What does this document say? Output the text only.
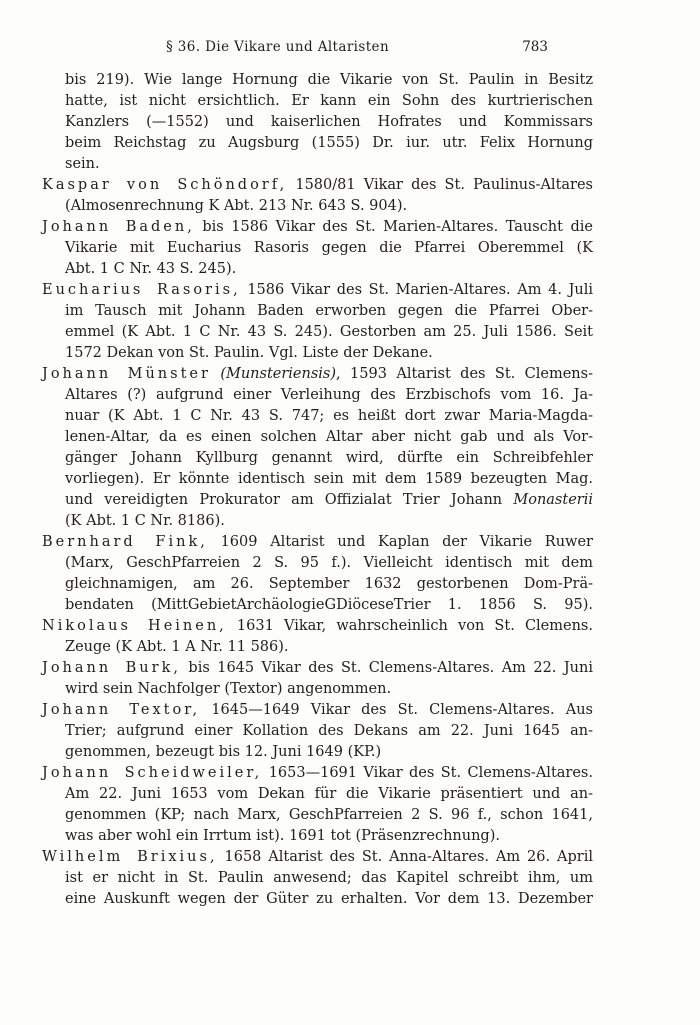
§ 36. Die Vikare und Altaristen	783
bis 219). Wie lange Hornung die Vikarie von St. Paulin in Besitz
hatte, ist nicht ersichtlich. Er kann ein Sohn des kurtrierischen
Kanzlers (—1552) und kaiserlichen Hofrates und Kommissars
beim Reichstag zu Augsburg (1555) Dr. iur. utr. Felix Hornung
sein.
Kaspar von Schöndorf, 1580/81 Vikar des St. Paulinus-Altares
(Almosenrechnung K Abt. 213 Nr. 643 S. 904).
Johann Baden, bis 1586 Vikar des St. Marien-Altares. Tauscht die
Vikarie mit Eucharius Rasoris gegen die Pfarrei Oberemmel (K
Abt. 1 C Nr. 43 S. 245).
Eucharius Rasoris, 1586 Vikar des St. Marien-Altares. Am 4. Juli
im Tausch mit Johann Baden erworben gegen die Pfarrei Ober-
emmel (K Abt. 1 C Nr. 43 S. 245). Gestorben am 25. Juli 1586. Seit
1572 Dekan von St. Paulin. Vgl. Liste der Dekane.
Johann Münster (Munsteriensis), 1593 Altarist des St. Clemens-
Altares (?) aufgrund einer Verleihung des Erzbischofs vom 16. Ja-
nuar (K Abt. 1 C Nr. 43 S. 747; es heißt dort zwar Maria-Magda-
lenen-Altar, da es einen solchen Altar aber nicht gab und als Vor-
gänger Johann Kyllburg genannt wird, dürfte ein Schreibfehler
vorliegen). Er könnte identisch sein mit dem 1589 bezeugten Mag.
und vereidigten Prokurator am Offizialat Trier Johann Monasterii
(K Abt. 1 C Nr. 8186).
Bernhard Fink, 1609 Altarist und Kaplan der Vikarie Ruwer
(Marx, GeschPfarreien 2 S. 95 f.). Vielleicht identisch mit dem
gleichnamigen, am 26. September 1632 gestorbenen Dom-Prä-
bendaten (MittGebietArchäologieGDiöceseTrier 1. 1856 S. 95).
Nikolaus Heinen, 1631 Vikar, wahrscheinlich von St. Clemens.
Zeuge (K Abt. 1 A Nr. 11 586).
Johann Burk, bis 1645 Vikar des St. Clemens-Altares. Am 22. Juni
wird sein Nachfolger (Textor) angenommen.
Johann Textor, 1645—1649 Vikar des St. Clemens-Altares. Aus
Trier; aufgrund einer Kollation des Dekans am 22. Juni 1645 an-
genommen, bezeugt bis 12. Juni 1649 (KP.)
Johann Scheidweiler, 1653—1691 Vikar des St. Clemens-Altares.
Am 22. Juni 1653 vom Dekan für die Vikarie präsentiert und an-
genommen (KP; nach Marx, GeschPfarreien 2 S. 96 f., schon 1641,
was aber wohl ein Irrtum ist). 1691 tot (Präsenzrechnung).
Wilhelm Brixius, 1658 Altarist des St. Anna-Altares. Am 26. April
ist er nicht in St. Paulin anwesend; das Kapitel schreibt ihm, um
eine Auskunft wegen der Güter zu erhalten. Vor dem 13. Dezember
